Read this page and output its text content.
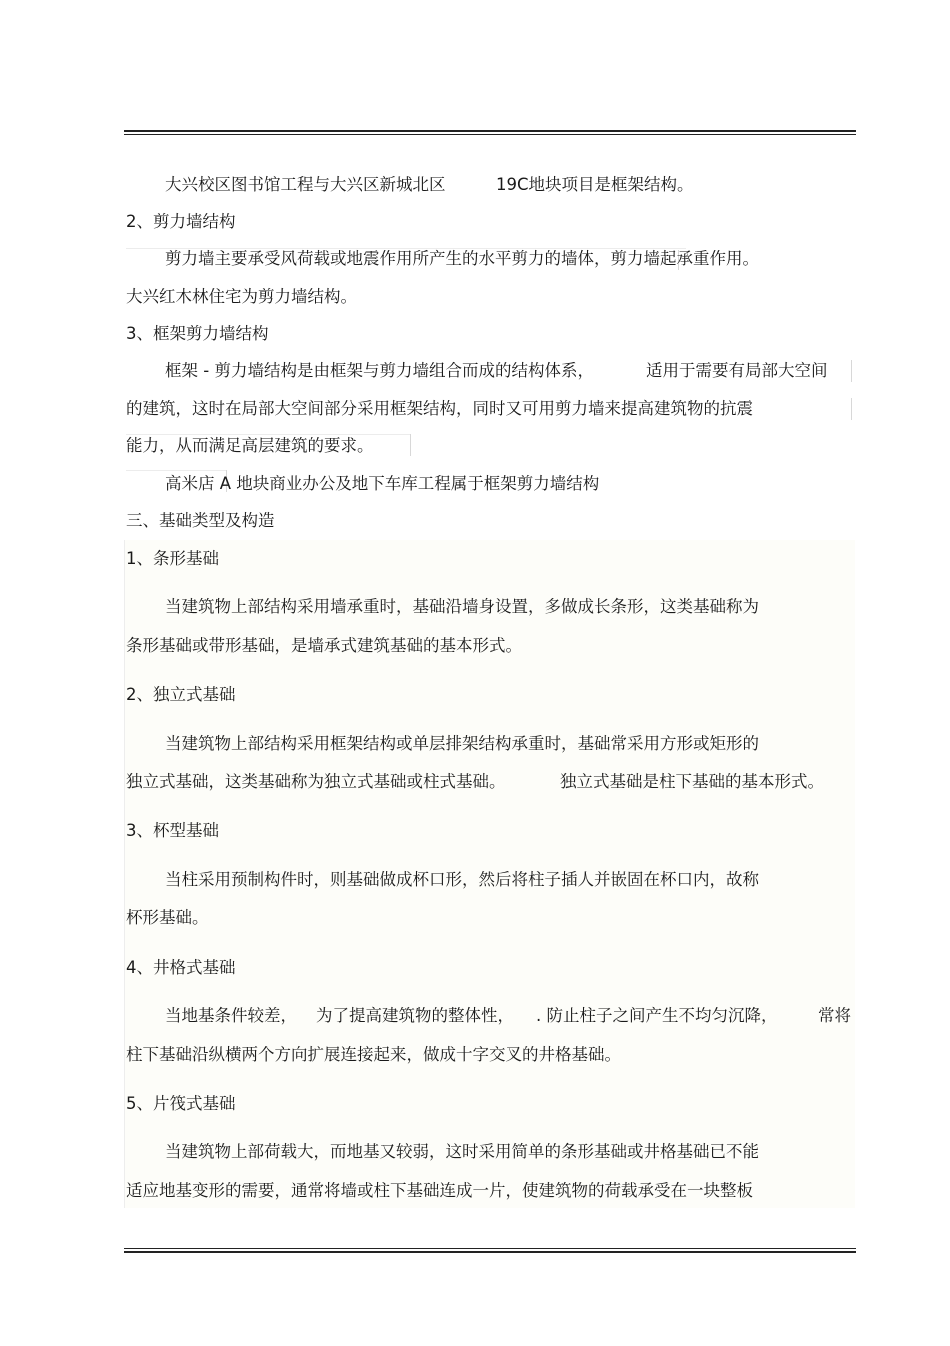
大兴校区图书馆工程与大兴区新城北区	19C地块项目是框架结构。
2、剪力墙结构
剪力墙主要承受风荷载或地震作用所产生的水平剪力的墙体，剪力墙起承重作用。
大兴红木林住宅为剪力墙结构。
3、框架剪力墙结构
框架 - 剪力墙结构是由框架与剪力墙组合而成的结构体系，	适用于需要有局部大空间
的建筑，这时在局部大空间部分采用框架结构，同时又可用剪力墙来提高建筑物的抗震
能力，从而满足高层建筑的要求。
高米店 A 地块商业办公及地下车库工程属于框架剪力墙结构
三、基础类型及构造
1、条形基础
当建筑物上部结构采用墙承重时，基础沿墙身设置，多做成长条形，这类基础称为
条形基础或带形基础，是墙承式建筑基础的基本形式。
2、独立式基础
当建筑物上部结构采用框架结构或单层排架结构承重时，基础常采用方形或矩形的
独立式基础，这类基础称为独立式基础或柱式基础。	独立式基础是柱下基础的基本形式。
3、杯型基础
当柱采用预制构件时，则基础做成杯口形，然后将柱子插人并嵌固在杯口内，故称
杯形基础。
4、井格式基础
当地基条件较差， 为了提高建筑物的整体性， . 防止柱子之间产生不均匀沉降， 常将
柱下基础沿纵横两个方向扩展连接起来，做成十字交叉的井格基础。
5、片筏式基础
当建筑物上部荷载大，而地基又较弱，这时采用简单的条形基础或井格基础已不能
适应地基变形的需要，通常将墙或柱下基础连成一片，使建筑物的荷载承受在一块整板
